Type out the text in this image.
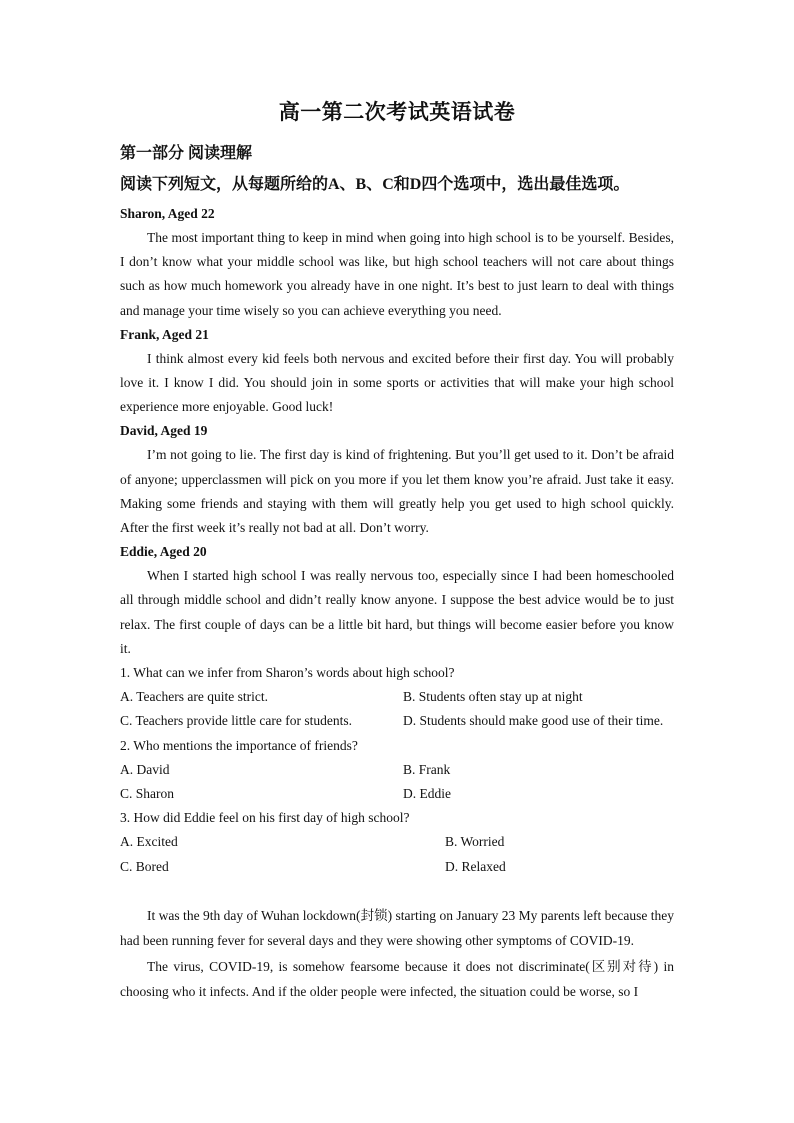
高一第二次考试英语试卷
第一部分 阅读理解
阅读下列短文，从每题所给的A、B、C和D四个选项中，选出最佳选项。

Sharon, Aged 22

The most important thing to keep in mind when going into high school is to be yourself. Besides, I don’t know what your middle school was like, but high school teachers will not care about things such as how much homework you already have in one night. It’s best to just learn to deal with things and manage your time wisely so you can achieve everything you need.

Frank, Aged 21

I think almost every kid feels both nervous and excited before their first day. You will probably love it. I know I did. You should join in some sports or activities that will make your high school experience more enjoyable. Good luck!

David, Aged 19

I’m not going to lie. The first day is kind of frightening. But you’ll get used to it. Don’t be afraid of anyone; upperclassmen will pick on you more if you let them know you’re afraid. Just take it easy. Making some friends and staying with them will greatly help you get used to high school quickly. After the first week it’s really not bad at all. Don’t worry.

Eddie, Aged 20

When I started high school I was really nervous too, especially since I had been homeschooled all through middle school and didn’t really know anyone. I suppose the best advice would be to just relax. The first couple of days can be a little bit hard, but things will become easier before you know it.

1. What can we infer from Sharon’s words about high school?

A. Teachers are quite strict.	B. Students often stay up at night
C. Teachers provide little care for students.	D. Students should make good use of their time.

2. Who mentions the importance of friends?

A. David	B. Frank
C. Sharon	D. Eddie

3. How did Eddie feel on his first day of high school?

A. Excited	B. Worried
C. Bored	D. Relaxed

It was the 9th day of Wuhan lockdown(封锁) starting on January 23 My parents left because they had been running fever for several days and they were showing other symptoms of COVID-19.

The virus, COVID-19, is somehow fearsome because it does not discriminate(区别对待) in choosing who it infects. And if the older people were infected, the situation could be worse, so I
